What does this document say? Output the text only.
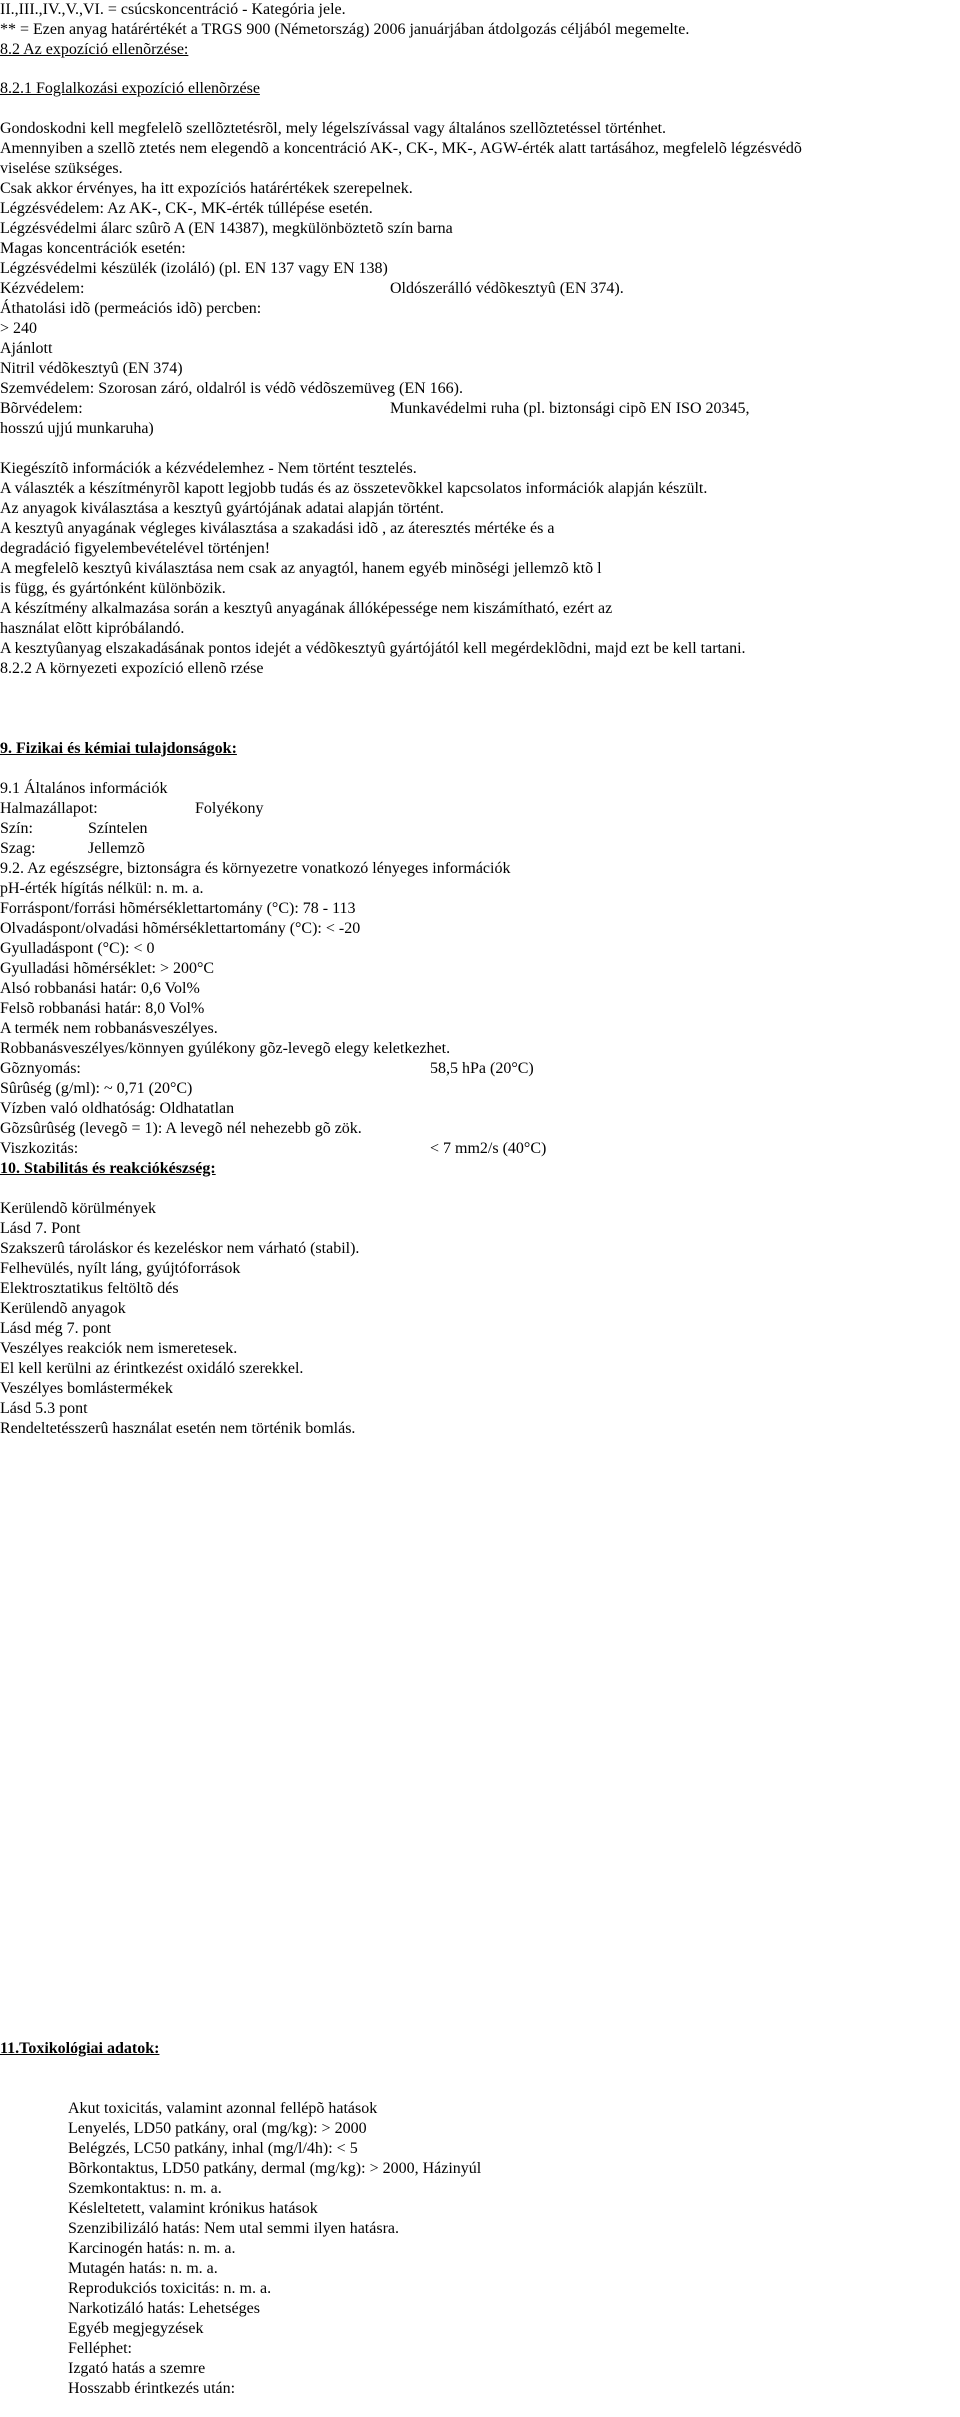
II.,III.,IV.,V.,VI. = csúcskoncentráció - Kategória jele.
** = Ezen anyag határértékét a TRGS 900 (Németország) 2006 januárjában átdolgozás céljából megemelte.
8.2 Az expozíció ellenõrzése:
8.2.1 Foglalkozási expozíció ellenõrzése
Gondoskodni kell megfelelõ szellõztetésrõl, mely légelszívással vagy általános szellõztetéssel történhet.
Amennyiben a szellõ ztetés nem elegendõ a koncentráció AK-, CK-, MK-, AGW-érték alatt tartásához, megfelelõ légzésvédõ
viselése szükséges.
Csak akkor érvényes, ha itt expozíciós határértékek szerepelnek.
Légzésvédelem: Az AK-, CK-, MK-érték túllépése esetén.
Légzésvédelmi álarc szûrõ A (EN 14387), megkülönböztetõ szín barna
Magas koncentrációk esetén:
Légzésvédelmi készülék (izoláló) (pl. EN 137 vagy EN 138)
Kézvédelem:	Oldószerálló védõkesztyû (EN 374).
Áthatolási idõ (permeációs idõ) percben:
> 240
Ajánlott
Nitril védõkesztyû (EN 374)
Szemvédelem: Szorosan záró, oldalról is védõ védõszemüveg (EN 166).
Bõrvédelem:	Munkavédelmi ruha (pl. biztonsági cipõ EN ISO 20345,
hosszú ujjú munkaruha)
Kiegészítõ információk a kézvédelemhez - Nem történt tesztelés.
A választék a készítményrõl kapott legjobb tudás és az összetevõkkel kapcsolatos információk alapján készült.
Az anyagok kiválasztása a kesztyû gyártójának adatai alapján történt.
A kesztyû anyagának végleges kiválasztása a szakadási idõ , az áteresztés mértéke és a
degradáció figyelembevételével történjen!
A megfelelõ kesztyû kiválasztása nem csak az anyagtól, hanem egyéb minõségi jellemzõ ktõ l
is függ, és gyártónként különbözik.
A készítmény alkalmazása során a kesztyû anyagának állóképessége nem kiszámítható, ezért az
használat elõtt kipróbálandó.
A kesztyûanyag elszakadásának pontos idejét a védõkesztyû gyártójától kell megérdeklõdni, majd ezt be kell tartani.
8.2.2 A környezeti expozíció ellenõ rzése
9. Fizikai és kémiai tulajdonságok:
9.1 Általános információk
Halmazállapot:	Folyékony
Szín:	Színtelen
Szag:	Jellemzõ
9.2. Az egészségre, biztonságra és környezetre vonatkozó lényeges információk
pH-érték hígítás nélkül: n. m. a.
Forráspont/forrási hõmérséklettartomány (°C): 78 - 113
Olvadáspont/olvadási hõmérséklettartomány (°C): < -20
Gyulladáspont (°C): < 0
Gyulladási hõmérséklet: > 200°C
Alsó robbanási határ: 0,6 Vol%
Felsõ robbanási határ: 8,0 Vol%
A termék nem robbanásveszélyes.
Robbanásveszélyes/könnyen gyúlékony gõz-levegõ elegy keletkezhet.
Gõznyomás:	58,5 hPa (20°C)
Sûrûség (g/ml): ~ 0,71 (20°C)
Vízben való oldhatóság: Oldhatatlan
Gõzsûrûség (levegõ = 1): A levegõ nél nehezebb gõ zök.
Viszkozitás:	< 7 mm2/s (40°C)
10. Stabilitás és reakciókészség:
Kerülendõ körülmények
Lásd 7. Pont
Szakszerû tároláskor és kezeléskor nem várható (stabil).
Felhevülés, nyílt láng, gyújtóforrások
Elektrosztatikus feltöltõ dés
Kerülendõ anyagok
Lásd még 7. pont
Veszélyes reakciók nem ismeretesek.
El kell kerülni az érintkezést oxidáló szerekkel.
Veszélyes bomlástermékek
Lásd 5.3 pont
Rendeltetésszerû használat esetén nem történik bomlás.
11.Toxikológiai adatok:
Akut toxicitás, valamint azonnal fellépõ hatások
Lenyelés, LD50 patkány, oral (mg/kg): > 2000
Belégzés, LC50 patkány, inhal (mg/l/4h): < 5
Bõrkontaktus, LD50 patkány, dermal (mg/kg): > 2000, Házinyúl
Szemkontaktus: n. m. a.
Késleltetett, valamint krónikus hatások
Szenzibilizáló hatás: Nem utal semmi ilyen hatásra.
Karcinogén hatás: n. m. a.
Mutagén hatás: n. m. a.
Reprodukciós toxicitás: n. m. a.
Narkotizáló hatás: Lehetséges
Egyéb megjegyzések
Felléphet:
Izgató hatás a szemre
Hosszabb érintkezés után:
